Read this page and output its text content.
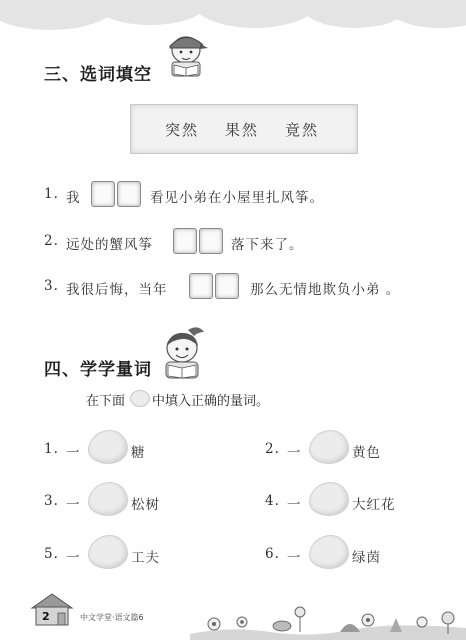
三、选词填空
突然 果然 竟然
1. 我	看见小弟在小屋里扎风筝。
2. 远处的蟹风筝	落下来了。
3. 我很后悔，当年	那么无情地欺负小弟 。
四、学学量词
在下面 中填入正确的量词。
1. 一	糖	2. 一	黄色
3. 一	松树	4. 一	大红花
5. 一	工夫	6. 一	绿茵
2	中文学堂·语文篇6
